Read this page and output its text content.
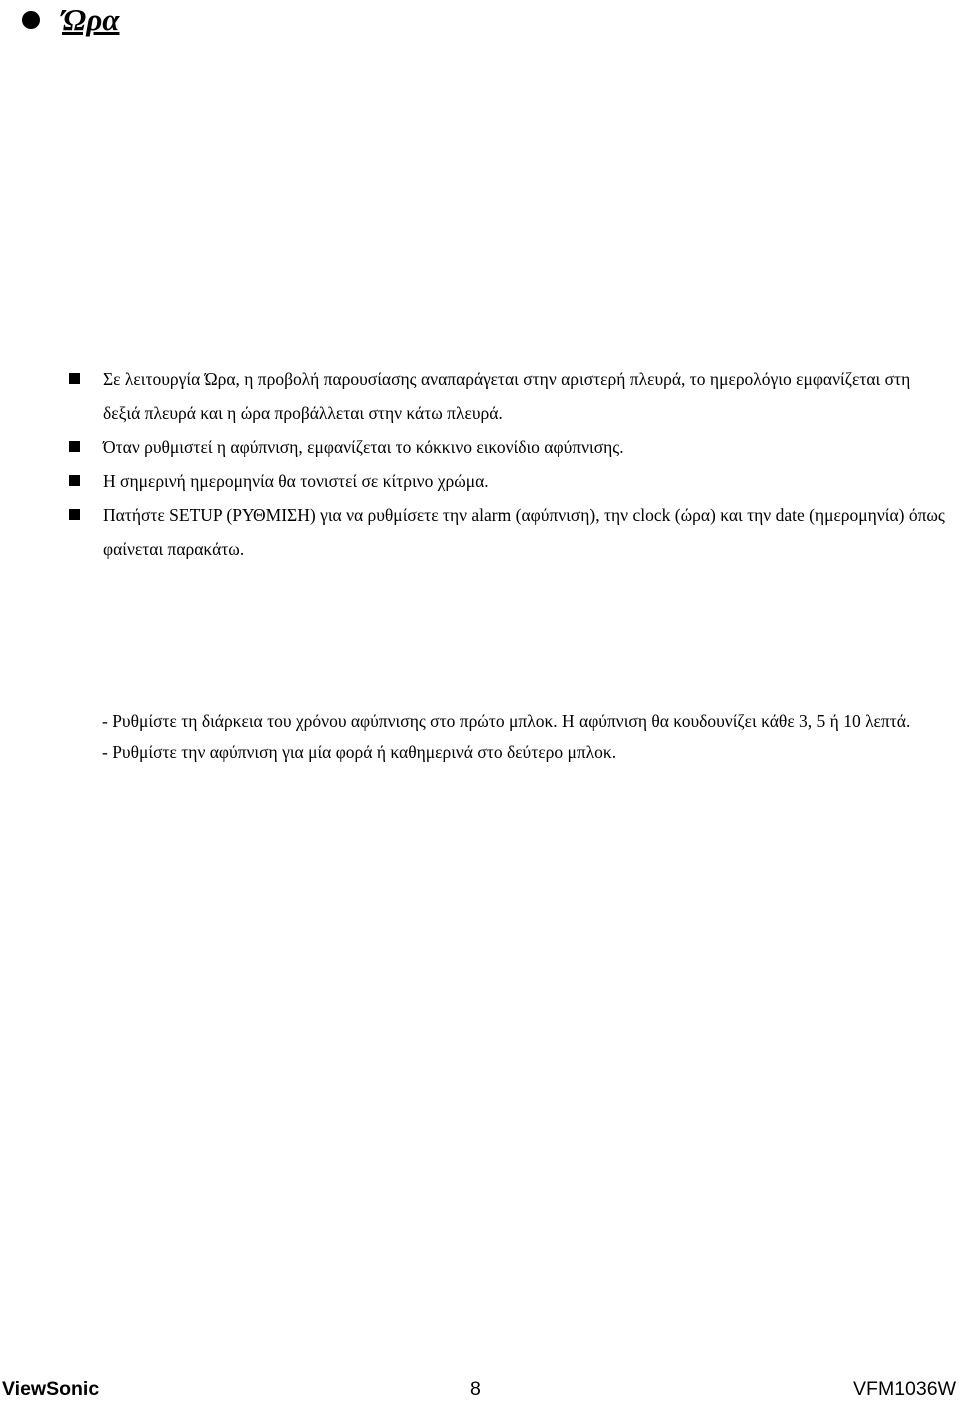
Ώρα
Σε λειτουργία Ώρα, η προβολή παρουσίασης αναπαράγεται στην αριστερή πλευρά, το ημερολόγιο εμφανίζεται στη δεξιά πλευρά και η ώρα προβάλλεται στην κάτω πλευρά.
Όταν ρυθμιστεί η αφύπνιση, εμφανίζεται το κόκκινο εικονίδιο αφύπνισης.
Η σημερινή ημερομηνία θα τονιστεί σε κίτρινο χρώμα.
Πατήστε SETUP (ΡΥΘΜΙΣΗ) για να ρυθμίσετε την alarm (αφύπνιση), την clock (ώρα) και την date (ημερομηνία) όπως φαίνεται παρακάτω.
- Ρυθμίστε τη διάρκεια του χρόνου αφύπνισης στο πρώτο μπλοκ. Η αφύπνιση θα κουδουνίζει κάθε 3, 5 ή 10 λεπτά.
- Ρυθμίστε την αφύπνιση για μία φορά ή καθημερινά στο δεύτερο μπλοκ.
ViewSonic	8	VFM1036W
